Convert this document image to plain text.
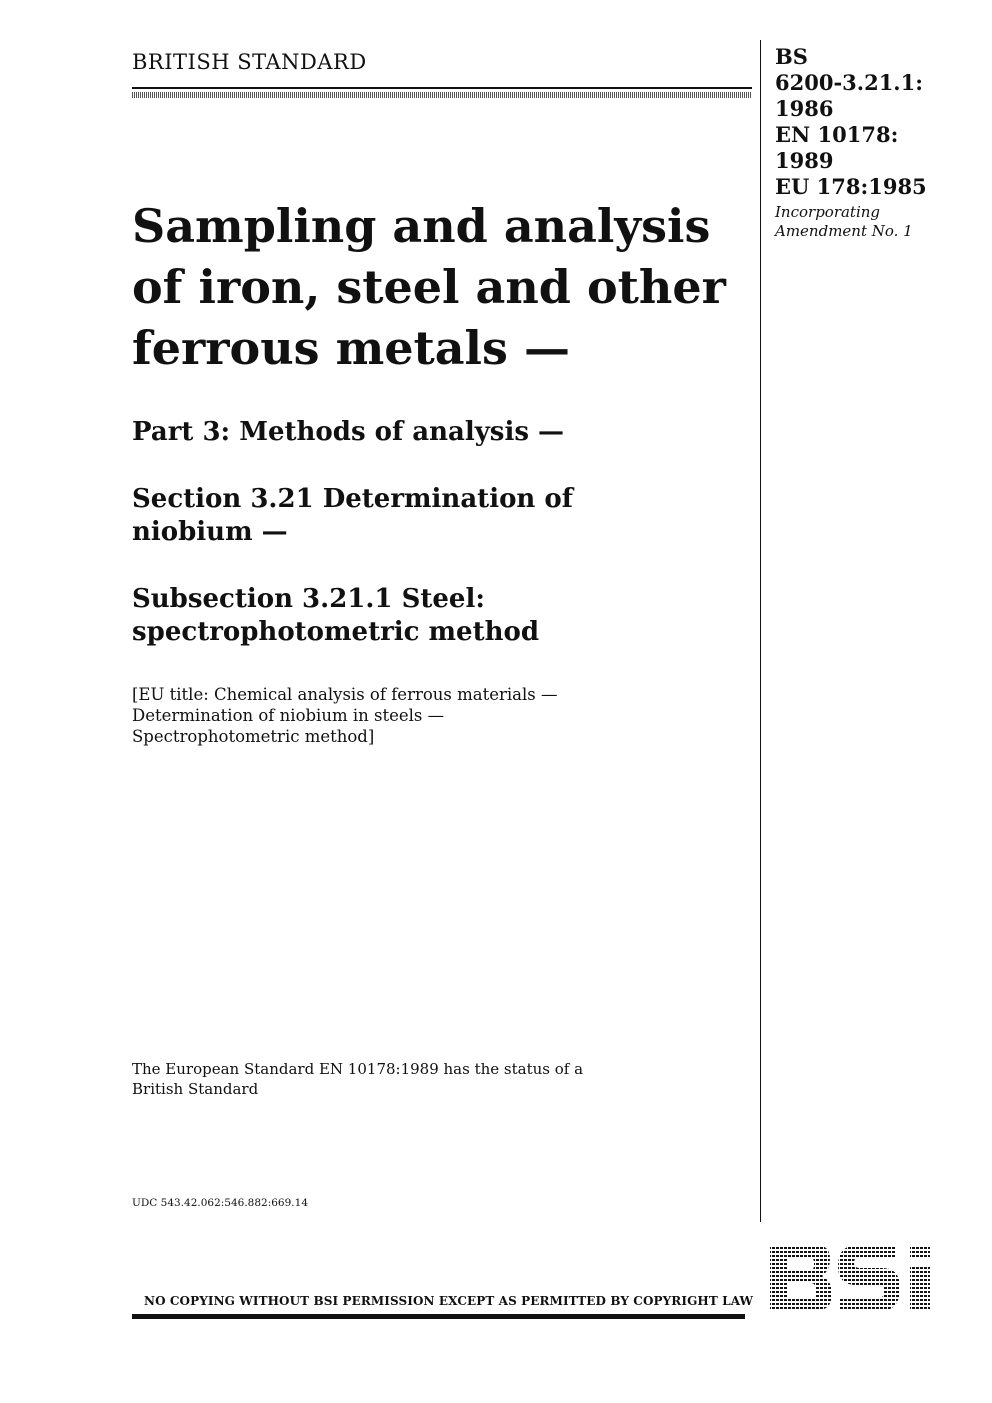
BRITISH STANDARD	BS
6200-3.21.1:
1986
EN 10178:
1989
EU 178:1985
Incorporating
Amendment No. 1
Sampling and analysis
of iron, steel and other
ferrous metals —
Part 3: Methods of analysis —
Section 3.21 Determination of
niobium —
Subsection 3.21.1 Steel:
spectrophotometric method
[EU title: Chemical analysis of ferrous materials —
Determination of niobium in steels —
Spectrophotometric method]
The European Standard EN 10178:1989 has the status of a
British Standard
UDC 543.42.062:546.882:669.14
NO COPYING WITHOUT BSI PERMISSION EXCEPT AS PERMITTED BY COPYRIGHT LAW
